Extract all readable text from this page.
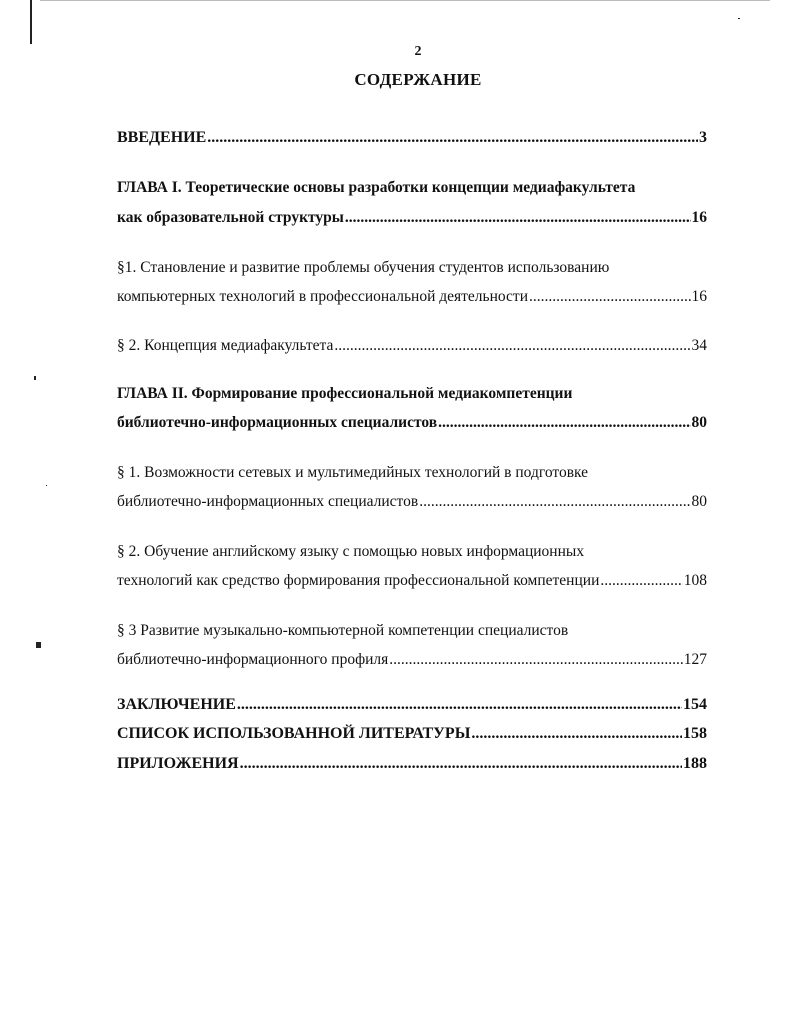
2
СОДЕРЖАНИЕ
ВВЕДЕНИЕ .....	3
ГЛАВА I. Теоретические основы разработки концепции медиафакультета
как образовательной структуры .....	16
§1. Становление и развитие проблемы обучения студентов использованию
компьютерных технологий в профессиональной деятельности .....	16
§ 2. Концепция медиафакультета .....	34
ГЛАВА II. Формирование профессиональной медиакомпетенции
библиотечно-информационных специалистов .....	80
§ 1. Возможности сетевых и мультимедийных технологий в подготовке
библиотечно-информационных специалистов .....	80
§ 2. Обучение английскому языку с помощью новых информационных
технологий как средство формирования профессиональной компетенции .....	108
§ 3 Развитие музыкально-компьютерной компетенции специалистов
библиотечно-информационного профиля .....	127
ЗАКЛЮЧЕНИЕ .....	154
СПИСОК ИСПОЛЬЗОВАННОЙ ЛИТЕРАТУРЫ .....	158
ПРИЛОЖЕНИЯ .....	188
